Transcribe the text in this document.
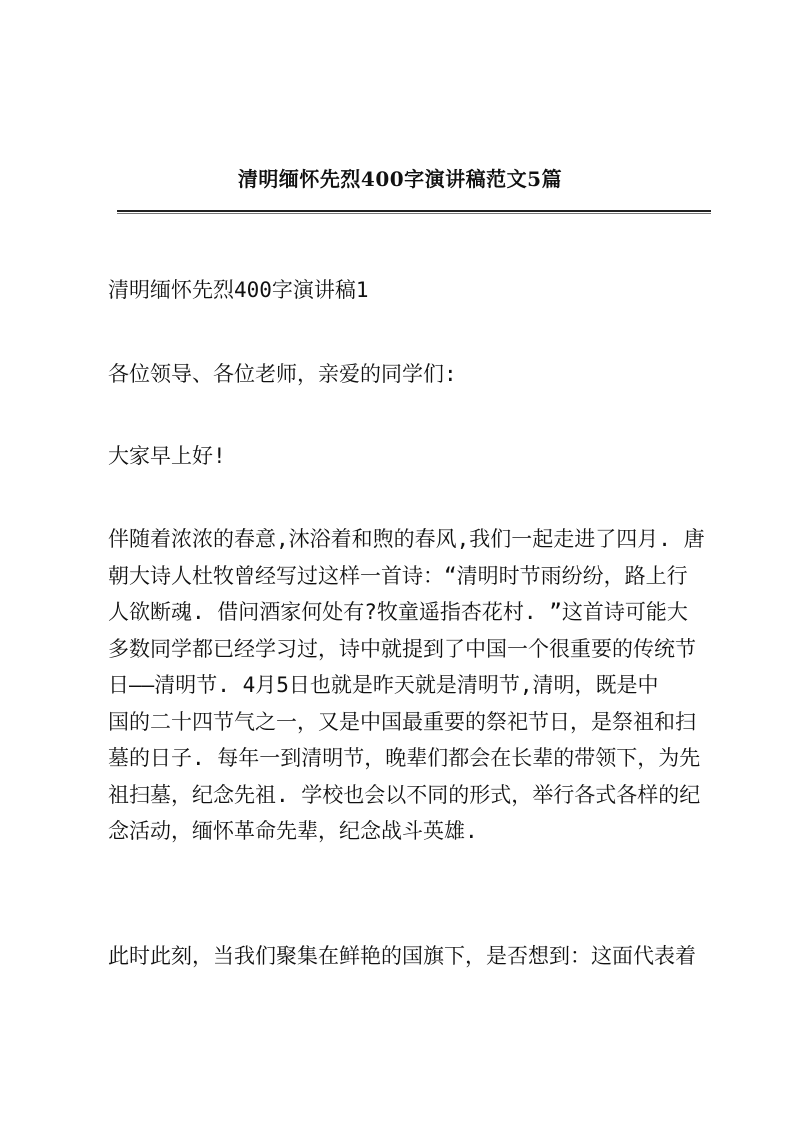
清明缅怀先烈400字演讲稿范文5篇

清明缅怀先烈400字演讲稿1

各位领导、各位老师，亲爱的同学们:

大家早上好!

伴随着浓浓的春意,沐浴着和煦的春风,我们一起走进了四月. 唐
朝大诗人杜牧曾经写过这样一首诗：“清明时节雨纷纷，路上行
人欲断魂. 借问酒家何处有?牧童遥指杏花村. ”这首诗可能大
多数同学都已经学习过，诗中就提到了中国一个很重要的传统节
日——清明节. 4月5日也就是昨天就是清明节,清明，既是中
国的二十四节气之一，又是中国最重要的祭祀节日，是祭祖和扫
墓的日子. 每年一到清明节，晚辈们都会在长辈的带领下，为先
祖扫墓，纪念先祖. 学校也会以不同的形式，举行各式各样的纪
念活动，缅怀革命先辈，纪念战斗英雄.
此时此刻，当我们聚集在鲜艳的国旗下，是否想到：这面代表着
